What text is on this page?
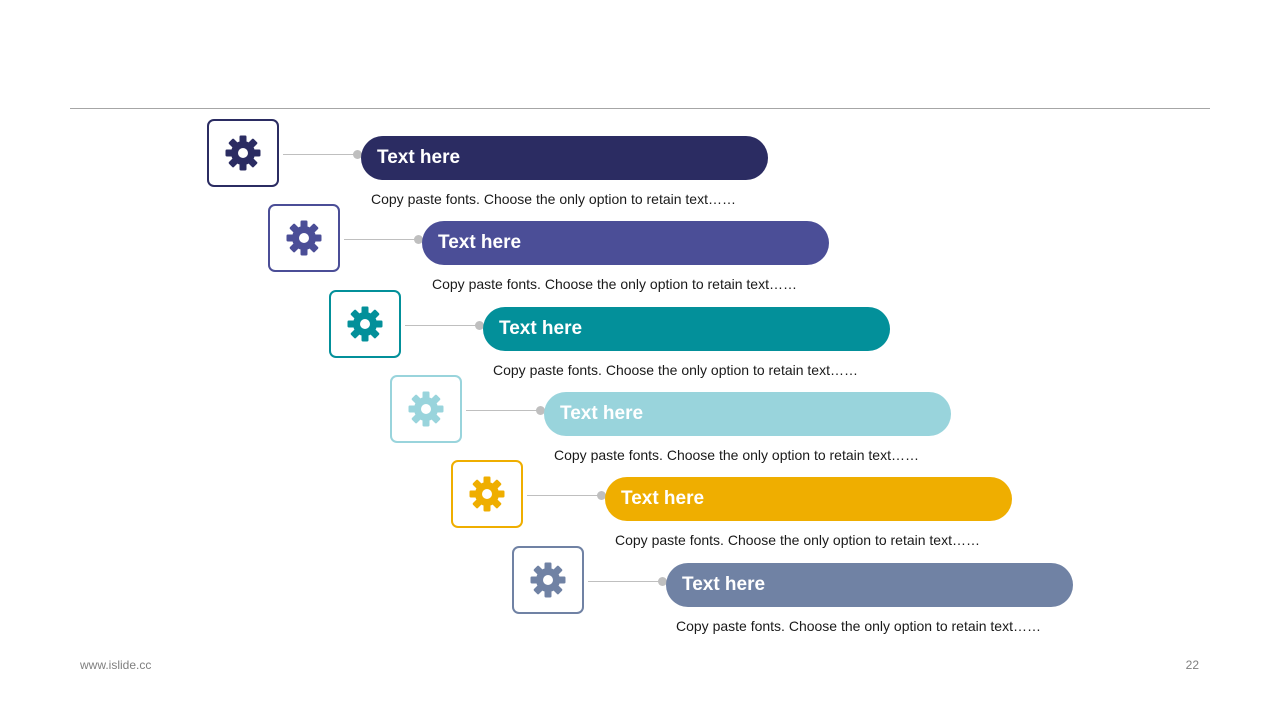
Text here
Copy paste fonts. Choose the only option to retain text……
Text here
Copy paste fonts. Choose the only option to retain text……
Text here
Copy paste fonts. Choose the only option to retain text……
Text here
Copy paste fonts. Choose the only option to retain text……
Text here
Copy paste fonts. Choose the only option to retain text……
Text here
Copy paste fonts. Choose the only option to retain text……
www.islide.cc	22
